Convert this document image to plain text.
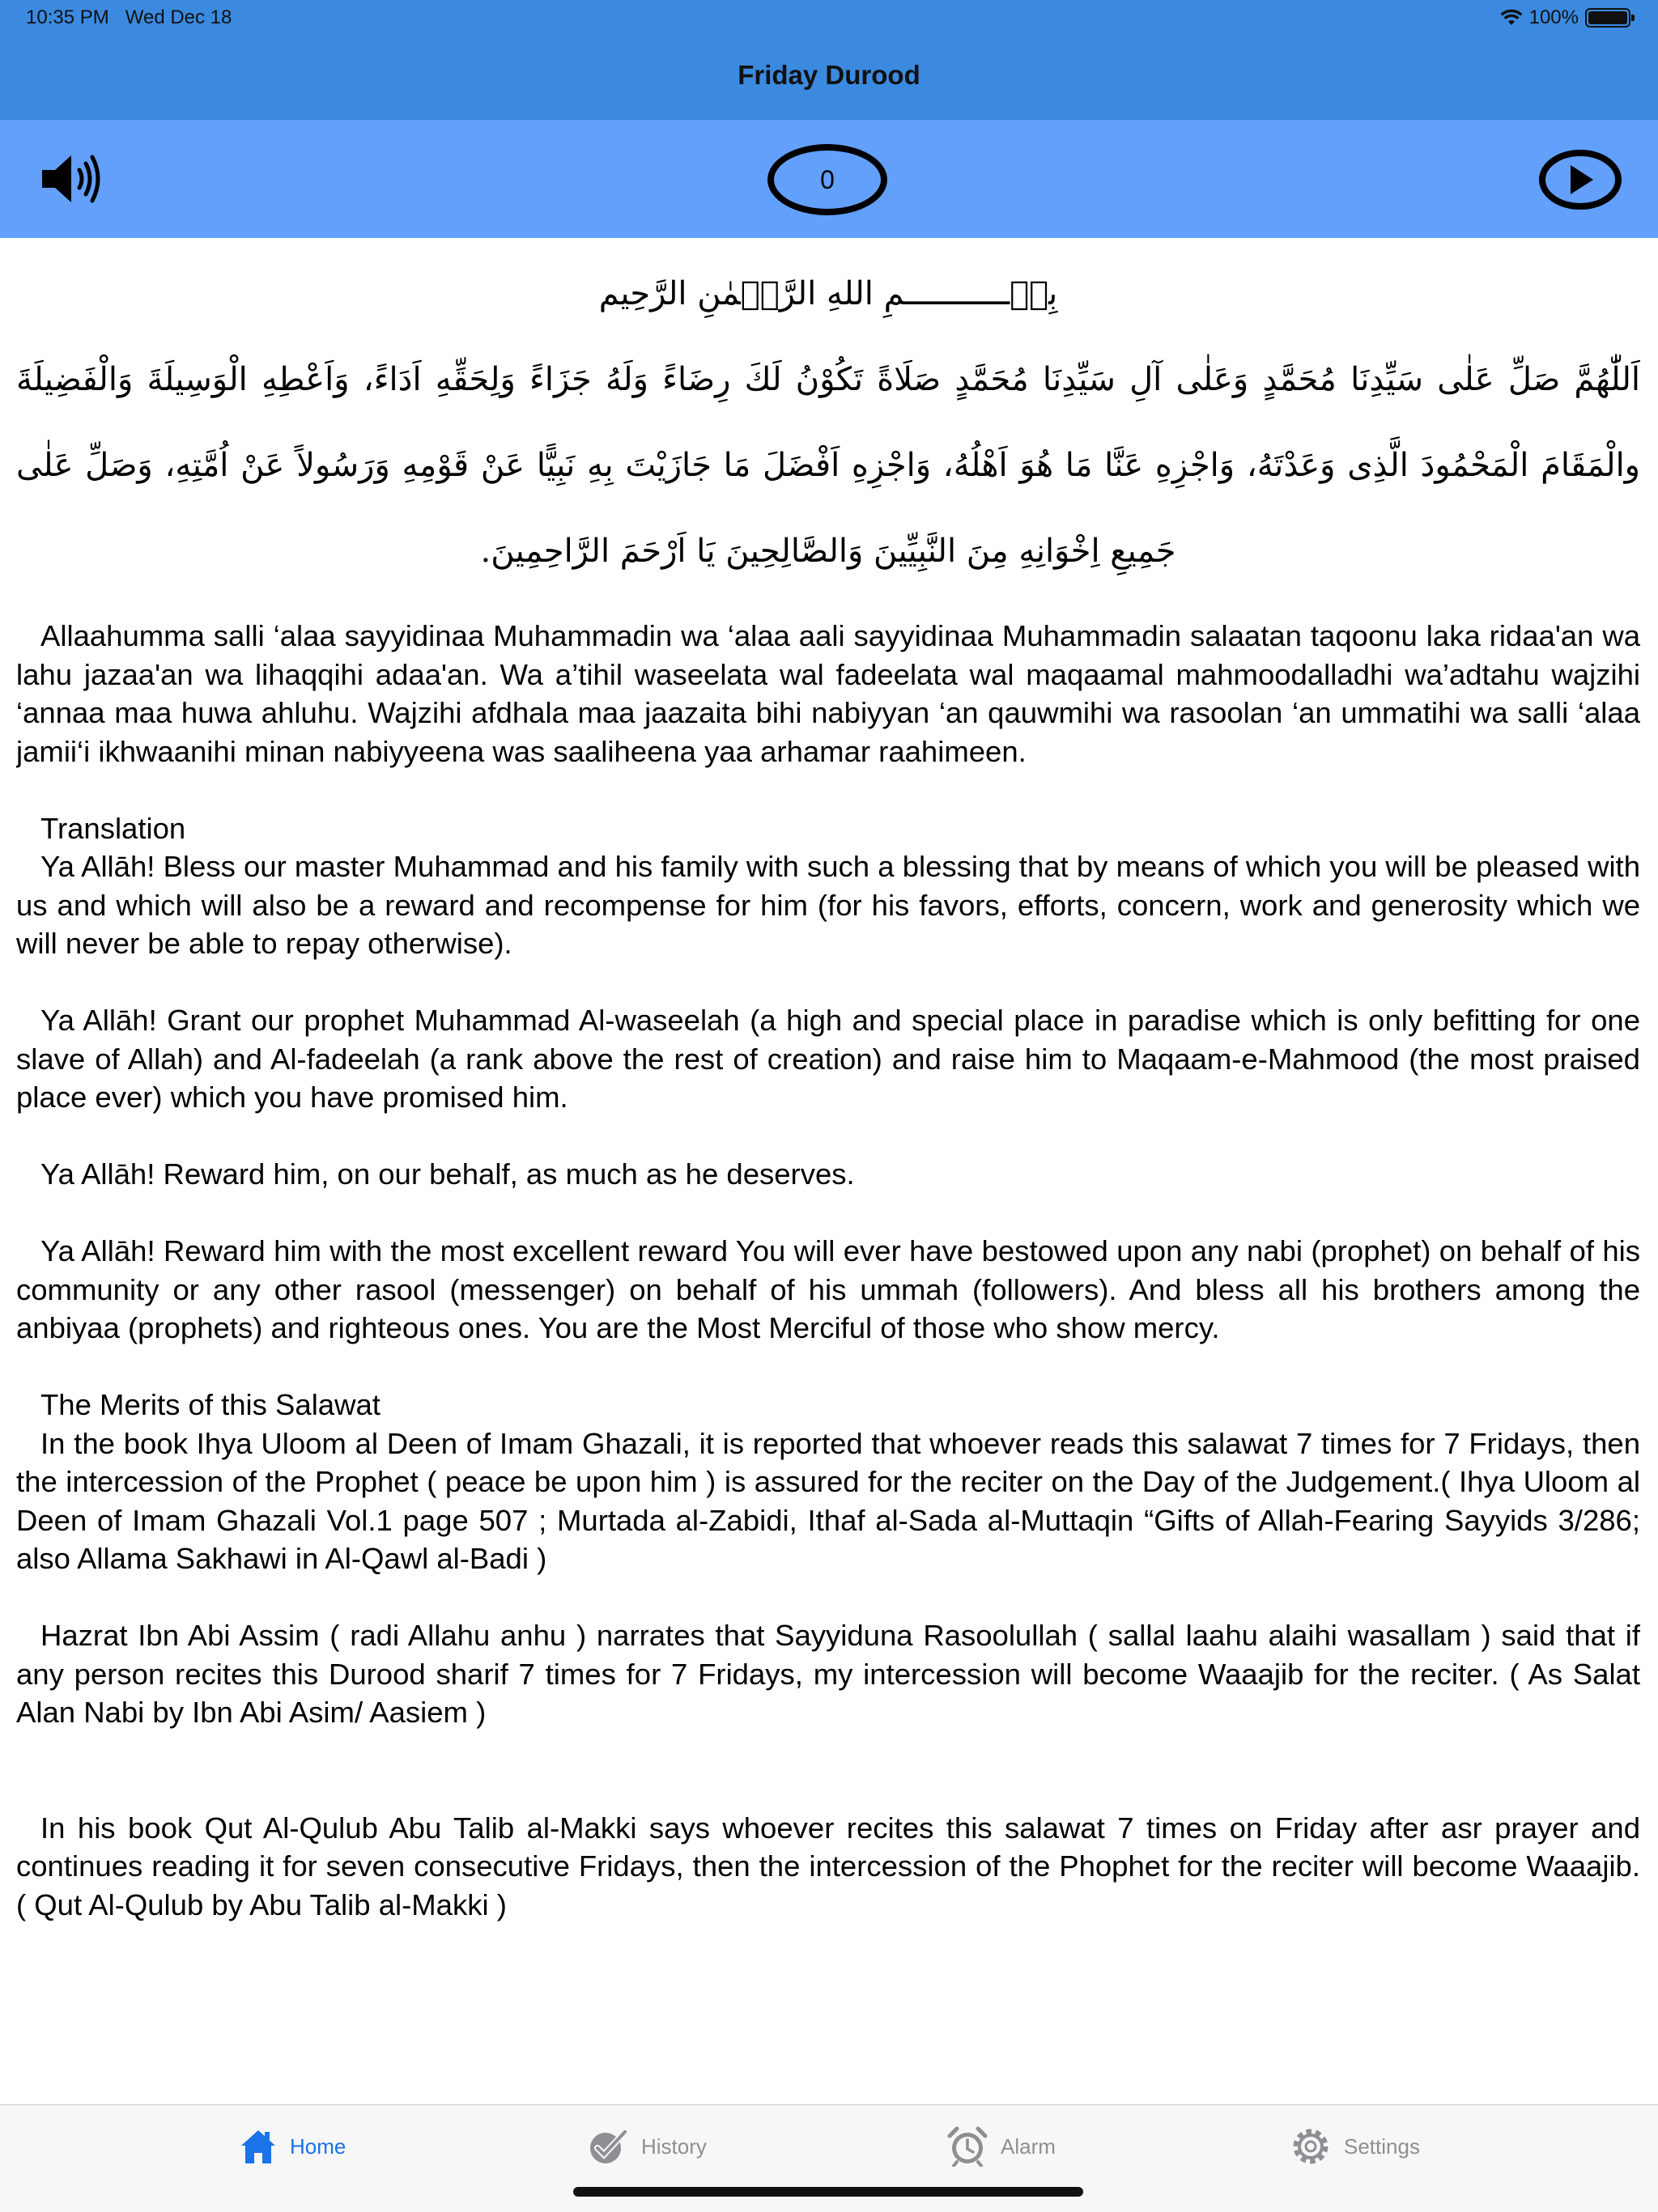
10:35 PM Wed Dec 18	100%
Friday Durood
0
بِسۡـــــــــــمِ اللهِ الرَّحۡمٰنِ الرَّحِيم
اَللّٰهُمَّ صَلِّ عَلٰى سَيِّدِنَا مُحَمَّدٍ وَعَلٰى آلِ سَيِّدِنَا مُحَمَّدٍ صَلَاةً تَكُوْنُ لَكَ رِضَاءً وَلَهُ جَزَاءً وَلِحَقِّهِ اَدَاءً، وَاَعْطِهِ الْوَسِيلَةَ وَالْفَضِيلَةَ والْمَقَامَ الْمَحْمُودَ الَّذِى وَعَدْتَهُ، وَاجْزِهِ عَنَّا مَا هُوَ اَهْلُهُ، وَاجْزِهِ اَفْضَلَ مَا جَازَيْتَ بِهِ نَبِيًّا عَنْ قَوْمِهِ وَرَسُولاً عَنْ اُمَّتِهِ، وَصَلِّ عَلٰى جَمِيعِ اِخْوَانِهِ مِنَ النَّبِيِّينَ وَالصَّالِحِينَ يَا اَرْحَمَ الرَّاحِمِينَ.

Allaahumma salli ‘alaa sayyidinaa Muhammadin wa ‘alaa aali sayyidinaa Muhammadin salaatan taqoonu laka ridaa'an wa lahu jazaa'an wa lihaqqihi adaa'an. Wa a’tihil waseelata wal fadeelata wal maqaamal mahmoodalladhi wa’adtahu wajzihi ‘annaa maa huwa ahluhu. Wajzihi afdhala maa jaazaita bihi nabiyyan ‘an qauwmihi wa rasoolan ‘an ummatihi wa salli ‘alaa jamii‘i ikhwaanihi minan nabiyyeena was saaliheena yaa arhamar raahimeen.

Translation

Ya Allāh! Bless our master Muhammad and his family with such a blessing that by means of which you will be pleased with us and which will also be a reward and recompense for him (for his favors, efforts, concern, work and generosity which we will never be able to repay otherwise).

Ya Allāh! Grant our prophet Muhammad Al-waseelah (a high and special place in paradise which is only befitting for one slave of Allah) and Al-fadeelah (a rank above the rest of creation) and raise him to Maqaam-e-Mahmood (the most praised place ever) which you have promised him.

Ya Allāh! Reward him, on our behalf, as much as he deserves.

Ya Allāh! Reward him with the most excellent reward You will ever have bestowed upon any nabi (prophet) on behalf of his community or any other rasool (messenger) on behalf of his ummah (followers). And bless all his brothers among the anbiyaa (prophets) and righteous ones. You are the Most Merciful of those who show mercy.

The Merits of this Salawat

In the book Ihya Uloom al Deen of Imam Ghazali, it is reported that whoever reads this salawat 7 times for 7 Fridays, then the intercession of the Prophet ( peace be upon him ) is assured for the reciter on the Day of the Judgement.( Ihya Uloom al Deen of Imam Ghazali Vol.1 page 507 ; Murtada al-Zabidi, Ithaf al-Sada al-Muttaqin “Gifts of Allah-Fearing Sayyids 3/286; also Allama Sakhawi in Al-Qawl al-Badi )

Hazrat Ibn Abi Assim ( radi Allahu anhu ) narrates that Sayyiduna Rasoolullah ( sallal laahu alaihi wasallam ) said that if any person recites this Durood sharif 7 times for 7 Fridays, my intercession will become Waaajib for the reciter. ( As Salat Alan Nabi by Ibn Abi Asim/ Aasiem )

In his book Qut Al-Qulub Abu Talib al-Makki says whoever recites this salawat 7 times on Friday after asr prayer and continues reading it for seven consecutive Fridays, then the intercession of the Phophet for the reciter will become Waaajib. ( Qut Al-Qulub by Abu Talib al-Makki )

Home	History	Alarm	Settings
